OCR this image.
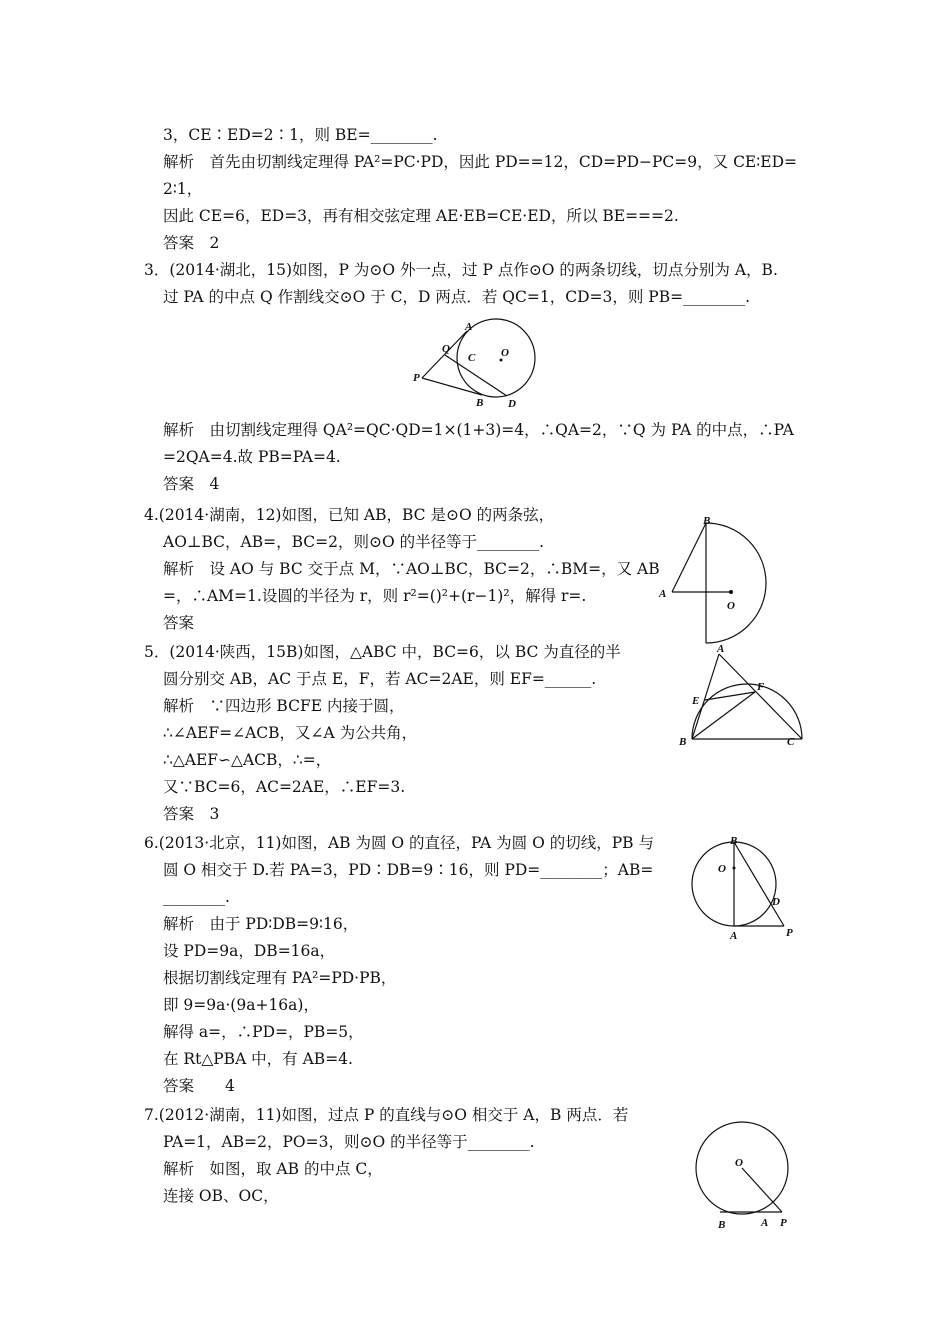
3，CE∶ED=2∶1，则 BE=________.
解析　首先由切割线定理得 PA²=PC·PD，因此 PD==12，CD=PD−PC=9，又 CE∶ED=
2∶1，
因此 CE=6，ED=3，再有相交弦定理 AE·EB=CE·ED，所以 BE===2.
答案　2
3．(2014·湖北，15)如图，P 为⊙O 外一点，过 P 点作⊙O 的两条切线，切点分别为 A，B.
过 PA 的中点 Q 作割线交⊙O 于 C，D 两点．若 QC=1，CD=3，则 PB=________.
解析　由切割线定理得 QA²=QC·QD=1×(1+3)=4，∴QA=2，∵Q 为 PA 的中点，∴PA
=2QA=4.故 PB=PA=4.
答案　4
4.(2014·湖南，12)如图，已知 AB，BC 是⊙O 的两条弦，
AO⊥BC，AB=，BC=2，则⊙O 的半径等于________.
解析　设 AO 与 BC 交于点 M，∵AO⊥BC，BC=2，∴BM=，又 AB
=，∴AM=1.设圆的半径为 r，则 r²=()²+(r−1)²，解得 r=.
答案
5．(2014·陕西，15B)如图，△ABC 中，BC=6，以 BC 为直径的半
圆分别交 AB，AC 于点 E，F，若 AC=2AE，则 EF=______.
解析　∵四边形 BCFE 内接于圆，
∴∠AEF=∠ACB，又∠A 为公共角，
∴△AEF∽△ACB，∴=，
又∵BC=6，AC=2AE，∴EF=3.
答案　3
6.(2013·北京，11)如图，AB 为圆 O 的直径，PA 为圆 O 的切线，PB 与
圆 O 相交于 D.若 PA=3，PD∶DB=9∶16，则 PD=________；AB=
________.
解析　由于 PD∶DB=9∶16，
设 PD=9a，DB=16a，
根据切割线定理有 PA²=PD·PB，
即 9=9a·(9a+16a)，
解得 a=，∴PD=，PB=5，
在 Rt△PBA 中，有 AB=4.
答案　　4
7.(2012·湖南，11)如图，过点 P 的直线与⊙O 相交于 A，B 两点．若
PA=1，AB=2，PO=3，则⊙O 的半径等于________.
解析　如图，取 AB 的中点 C，
连接 OB、OC，
A
Q
C O
P
B D
B
A
O
A
E
F
B	C
B
O
D
A	P
O
B	A P
